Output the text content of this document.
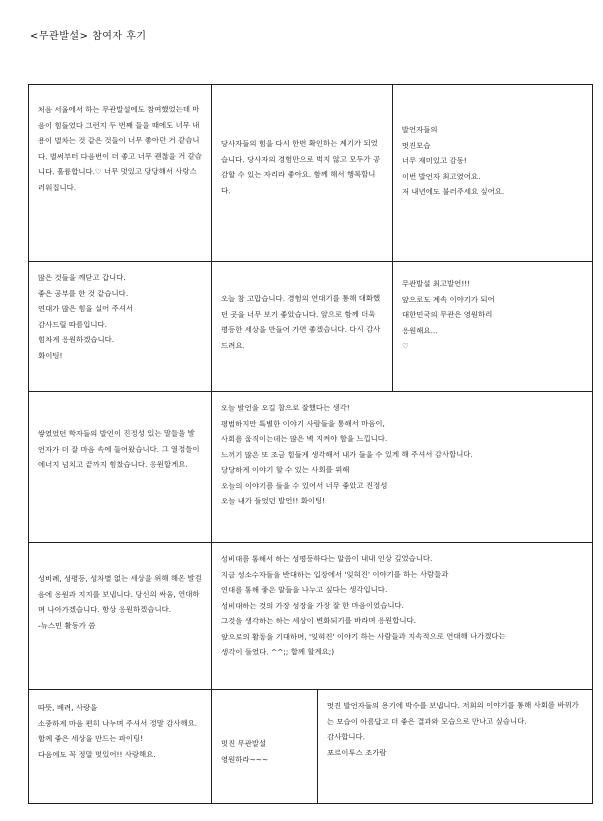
<무관발설> 참여자 후기
처음 서울에서 하는 무관발설에도 참여했었는데 마음이 힘들었다 그런지 두 번째 들을 때에도 너무 내용이 벌차는 것 같은 것들이 너무 좋아던 거 같습니다. 벌써부터 다음번이 더 좋고 너무 괜찮을 거 같습니다. 훌륭합니다.♡ 너무 멋있고 당당해서 사랑스러워집니다.
당사자들의 힘을 다시 한번 확인하는 계기가 되었습니다. 당사자의 경험만으로 벅지 않고 모두가 공감할 수 있는 자리라 좋아요. 함께 해서 행복합니다.
발언자들의
멋진모습
너무 재미있고 감동!
이번 발언자 최고였어요.
저 내년에도 불러주세요 싶어요.
많은 것들을 깨닫고 갑니다.
좋은 공부를 한 것 같습니다.
연대가 많은 힘을 실어 주셔서
감사드릴 따름입니다.
힘차게 응원하겠습니다.
화이팅!
오늘 참 고맙습니다. 경험의 연대기를 통해 대화했던 곳을 너무 보기 좋았습니다. 앞으로 함께 더욱 평등한 세상을 만들어 가면 좋겠습니다. 다시 감사드려요.
무관발설 최고발언!!!
앞으로도 계속 이야기가 되어
대한민국의 무관은 영원하리
응원해요...
♡
쌓였었던 학자들의 발언이 진정성 있는 말들을 발언자가 더 잘 마음 속에 들어왔습니다. 그 열정들이 에너지 넘치고 끝까지 힘찼습니다. 응원할게요.
오늘 발언을 오길 참으로 잘했다는 생각!
평범하지만 특별한 이야기 사람들을 통해서 마음이,
사회를 움직이는데는 많은 벽 지켜야 함을 느낍니다.
느끼기 많은 또 조금 힘들게 생각해서 내가 들을 수 있게 해 주셔서 감사합니다.
당당하게 이야기 할 수 있는 사회를 위해
오늘의 이야기를 들을 수 있어서 너무 좋았고 진정성
오늘 내가 들었던 발언!! 화이팅!
성비례, 성평등, 성차별 없는 세상을 위해 해온 발걸음에 응원과 지지를 보냅니다. 당신의 싸움, 연대하며 나아가겠습니다. 항상 응원하겠습니다.
-뉴스민 활동가 씀
성비대를 통해서 하는 성평등하다는 말씀이 내내 인상 깊었습니다.
지금 성소수자들을 반대하는 입장에서 '잊혀진' 이야기를 하는 사람들과
연대를 통해 좋은 말들을 나누고 싶다는 생각입니다.
성비대하는 것의 가장 성장을 가장 잘 한 마음이었습니다.
그것을 생각하는 하는 세상이 변화되기를 바라며 응원합니다.
앞으로의 활동을 기대하며, '잊혀진' 이야기 하는 사람들과 지속적으로 연대해 나가겠다는
생각이 들었다. ^^;; 함께 할게요;)
따뜻, 배려, 사랑을
소중하게 마음 편히 나누며 주셔서 정말 감사해요.
함께 좋은 세상을 만드는 파이팅!
다음에도 꼭 정말 멋있어!! 사랑해요.
멋진 무관발설
영원하라~~~
멋진 발언자들의 용기에 박수를 보냅니다. 저희의 이야기를 통해 사회를 바꿔가는 모습이 아름답고 더 좋은 결과와 모습으로 만나고 싶습니다.
감사합니다.
포르이투스 조가람
